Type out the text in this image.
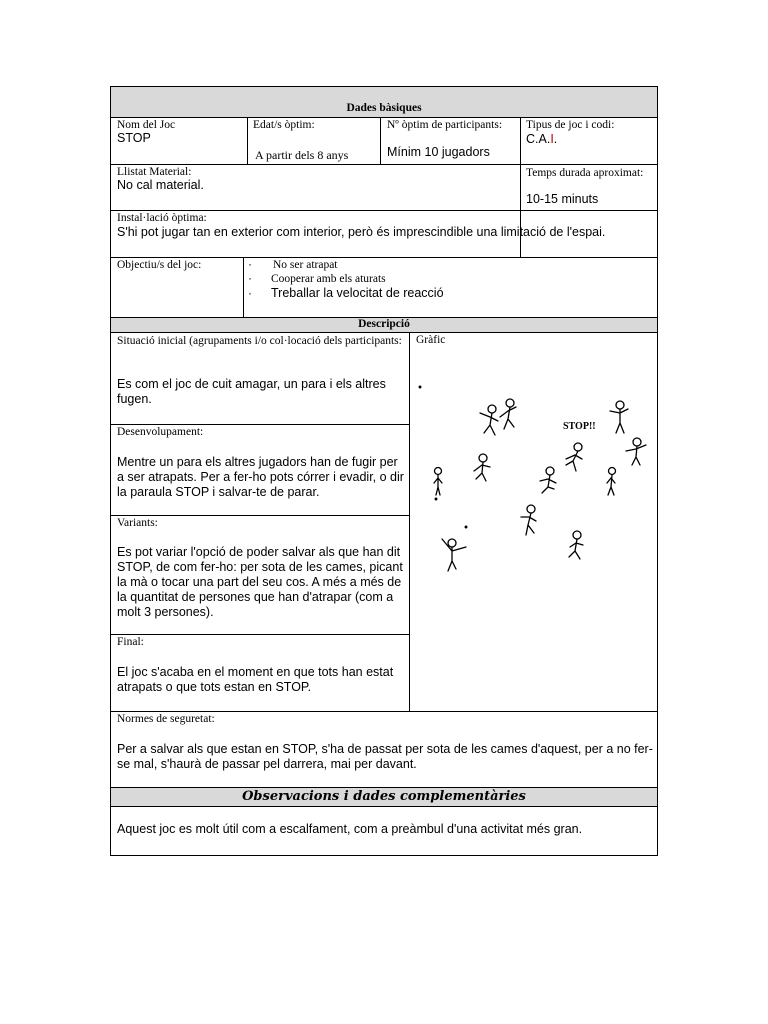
Dades bàsiques
Nom del Joc
STOP
Edat/s òptim:
A partir dels 8 anys
Nº òptim de participants:
Mínim 10 jugadors
Tipus de joc i codi:
C.A.I.
Llistat Material:
No cal material.
Temps durada aproximat:
10-15 minuts
Instal·lació òptima:
S'hi pot jugar tan en exterior com interior, però és imprescindible una limitació de l'espai.
Objectiu/s del joc:	· No ser atrapat
· Cooperar amb els aturats
· Treballar la velocitat de reacció
Descripció
Situació inicial (agrupaments i/o col·locació dels participants:
Es com el joc de cuit amagar, un para i els altres fugen.
Desenvolupament:
Mentre un para els altres jugadors han de fugir per a ser atrapats. Per a fer-ho pots córrer i evadir, o dir la paraula STOP i salvar-te de parar.
Variants:
Es pot variar l'opció de poder salvar als que han dit STOP, de com fer-ho: per sota de les cames, picant la mà o tocar una part del seu cos. A més a més de la quantitat de persones que han d'atrapar (com a molt 3 persones).
Final:
El joc s'acaba en el moment en que tots han estat atrapats o que tots estan en STOP.
Gràfic
STOP!!
Normes de seguretat:
Per a salvar als que estan en STOP, s'ha de passat per sota de les cames d'aquest, per a no fer-se mal, s'haurà de passar pel darrera, mai per davant.
Observacions i dades complementàries
Aquest joc es molt útil com a escalfament, com a preàmbul d'una activitat més gran.
